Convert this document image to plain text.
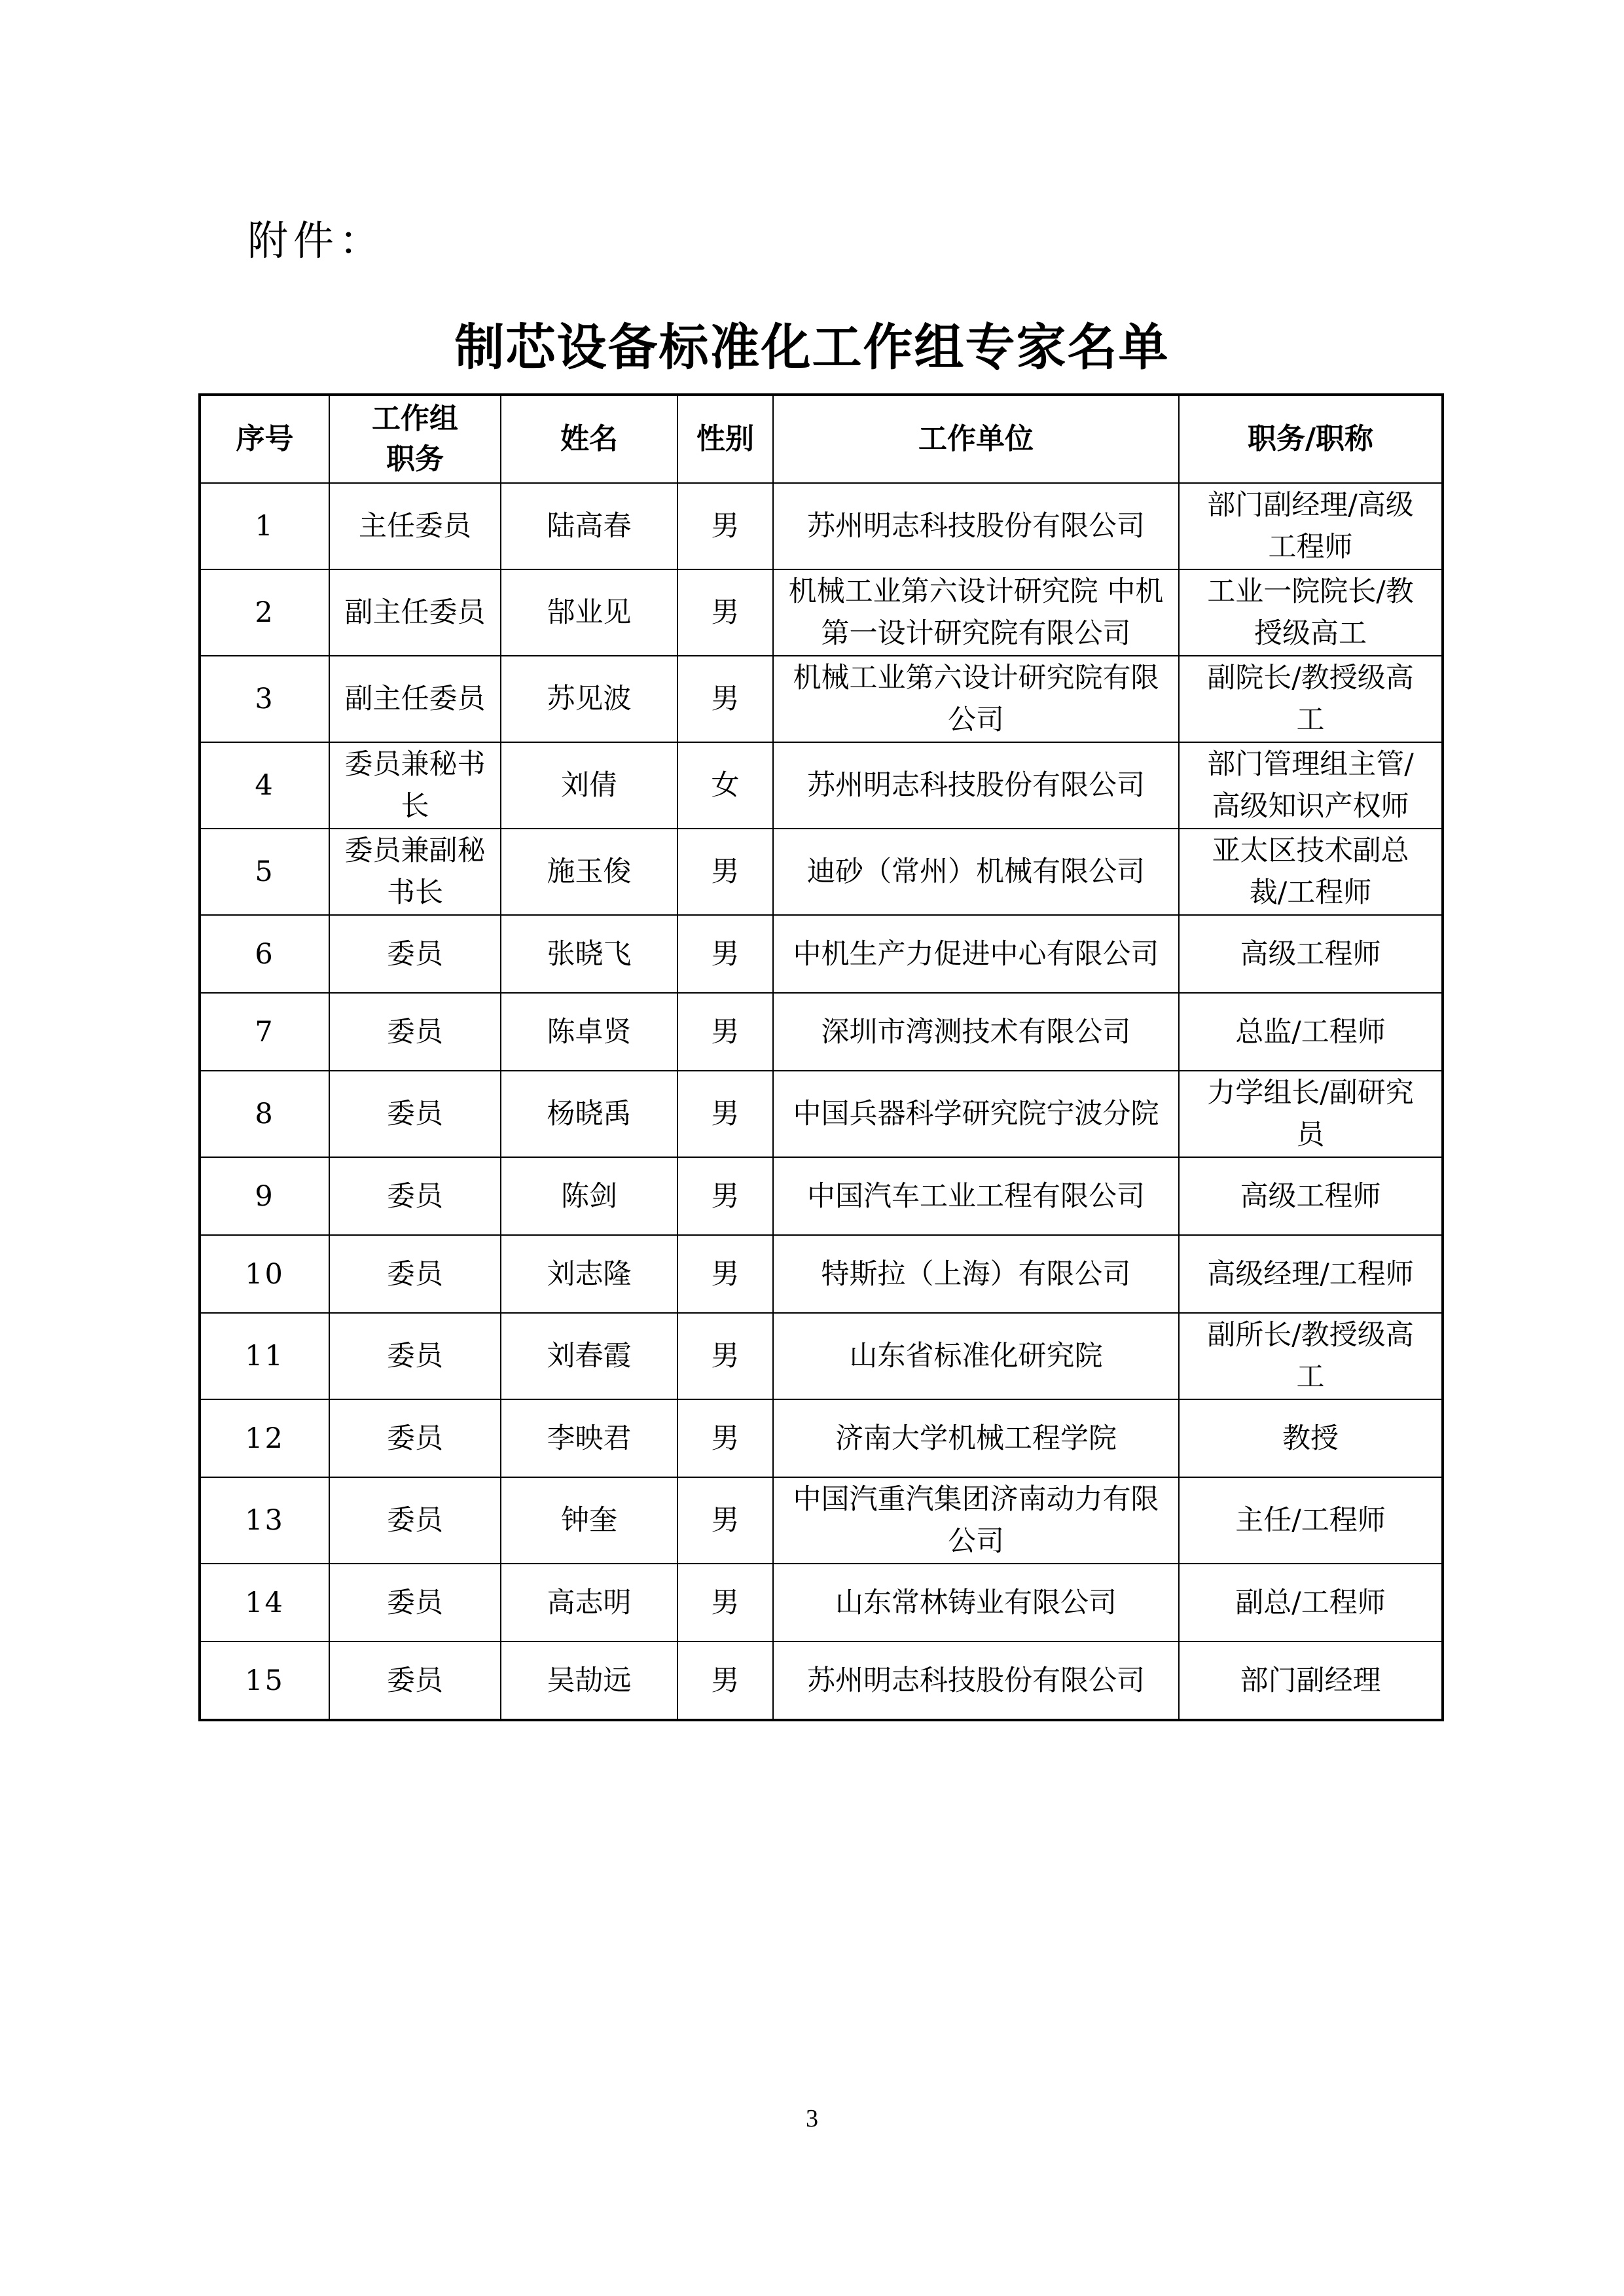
附件：
制芯设备标准化工作组专家名单
序号	工作组职务	姓名	性别	工作单位	职务/职称
1	主任委员	陆高春	男	苏州明志科技股份有限公司	部门副经理/高级工程师
2	副主任委员	郜业见	男	机械工业第六设计研究院 中机第一设计研究院有限公司	工业一院院长/教授级高工
3	副主任委员	苏见波	男	机械工业第六设计研究院有限公司	副院长/教授级高工
4	委员兼秘书长	刘倩	女	苏州明志科技股份有限公司	部门管理组主管/高级知识产权师
5	委员兼副秘书长	施玉俊	男	迪砂（常州）机械有限公司	亚太区技术副总裁/工程师
6	委员	张晓飞	男	中机生产力促进中心有限公司	高级工程师
7	委员	陈卓贤	男	深圳市湾测技术有限公司	总监/工程师
8	委员	杨晓禹	男	中国兵器科学研究院宁波分院	力学组长/副研究员
9	委员	陈剑	男	中国汽车工业工程有限公司	高级工程师
10	委员	刘志隆	男	特斯拉（上海）有限公司	高级经理/工程师
11	委员	刘春霞	男	山东省标准化研究院	副所长/教授级高工
12	委员	李映君	男	济南大学机械工程学院	教授
13	委员	钟奎	男	中国汽重汽集团济南动力有限公司	主任/工程师
14	委员	高志明	男	山东常林铸业有限公司	副总/工程师
15	委员	吴劼远	男	苏州明志科技股份有限公司	部门副经理
3
